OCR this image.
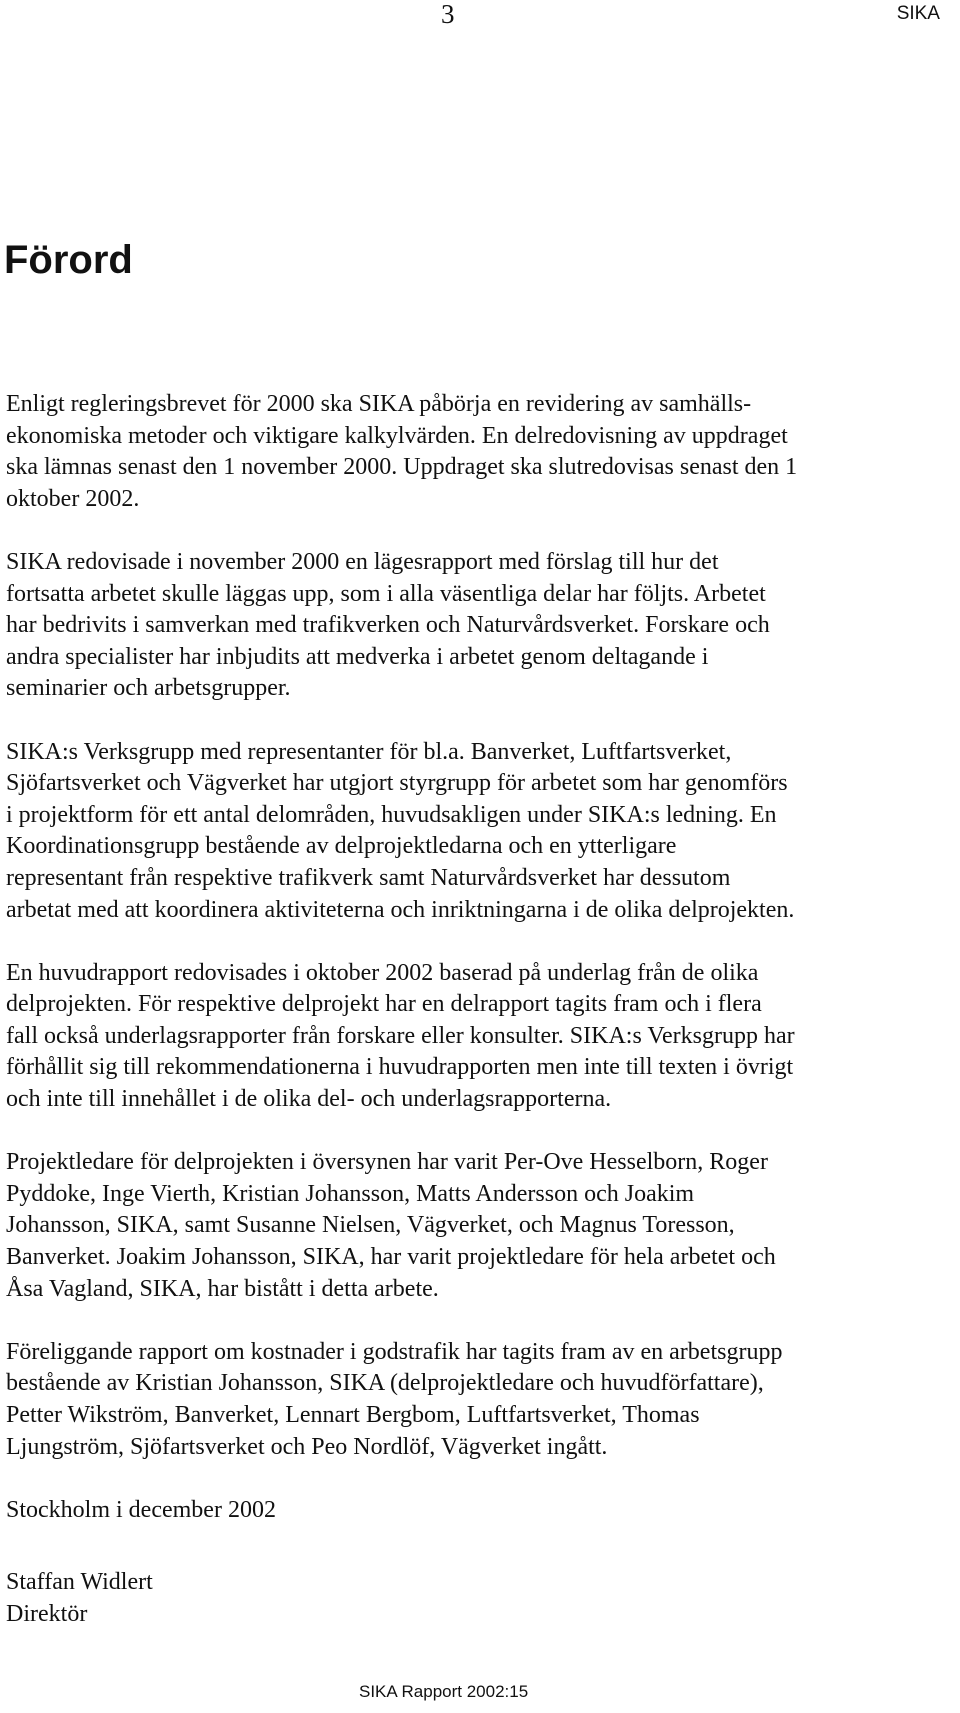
3	SIKA
Förord

Enligt regleringsbrevet för 2000 ska SIKA påbörja en revidering av samhälls-
ekonomiska metoder och viktigare kalkylvärden. En delredovisning av uppdraget
ska lämnas senast den 1 november 2000. Uppdraget ska slutredovisas senast den 1
oktober 2002.

SIKA redovisade i november 2000 en lägesrapport med förslag till hur det
fortsatta arbetet skulle läggas upp, som i alla väsentliga delar har följts. Arbetet
har bedrivits i samverkan med trafikverken och Naturvårdsverket. Forskare och
andra specialister har inbjudits att medverka i arbetet genom deltagande i
seminarier och arbetsgrupper.

SIKA:s Verksgrupp med representanter för bl.a. Banverket, Luftfartsverket,
Sjöfartsverket och Vägverket har utgjort styrgrupp för arbetet som har genomförs
i projektform för ett antal delområden, huvudsakligen under SIKA:s ledning. En
Koordinationsgrupp bestående av delprojektledarna och en ytterligare
representant från respektive trafikverk samt Naturvårdsverket har dessutom
arbetat med att koordinera aktiviteterna och inriktningarna i de olika delprojekten.

En huvudrapport redovisades i oktober 2002 baserad på underlag från de olika
delprojekten. För respektive delprojekt har en delrapport tagits fram och i flera
fall också underlagsrapporter från forskare eller konsulter. SIKA:s Verksgrupp har
förhållit sig till rekommendationerna i huvudrapporten men inte till texten i övrigt
och inte till innehållet i de olika del- och underlagsrapporterna.

Projektledare för delprojekten i översynen har varit Per-Ove Hesselborn, Roger
Pyddoke, Inge Vierth, Kristian Johansson, Matts Andersson och Joakim
Johansson, SIKA, samt Susanne Nielsen, Vägverket, och Magnus Toresson,
Banverket. Joakim Johansson, SIKA, har varit projektledare för hela arbetet och
Åsa Vagland, SIKA, har bistått i detta arbete.

Föreliggande rapport om kostnader i godstrafik har tagits fram av en arbetsgrupp
bestående av Kristian Johansson, SIKA (delprojektledare och huvudförfattare),
Petter Wikström, Banverket, Lennart Bergbom, Luftfartsverket, Thomas
Ljungström, Sjöfartsverket och Peo Nordlöf, Vägverket ingått.

Stockholm i december 2002

Staffan Widlert
Direktör
SIKA Rapport 2002:15
